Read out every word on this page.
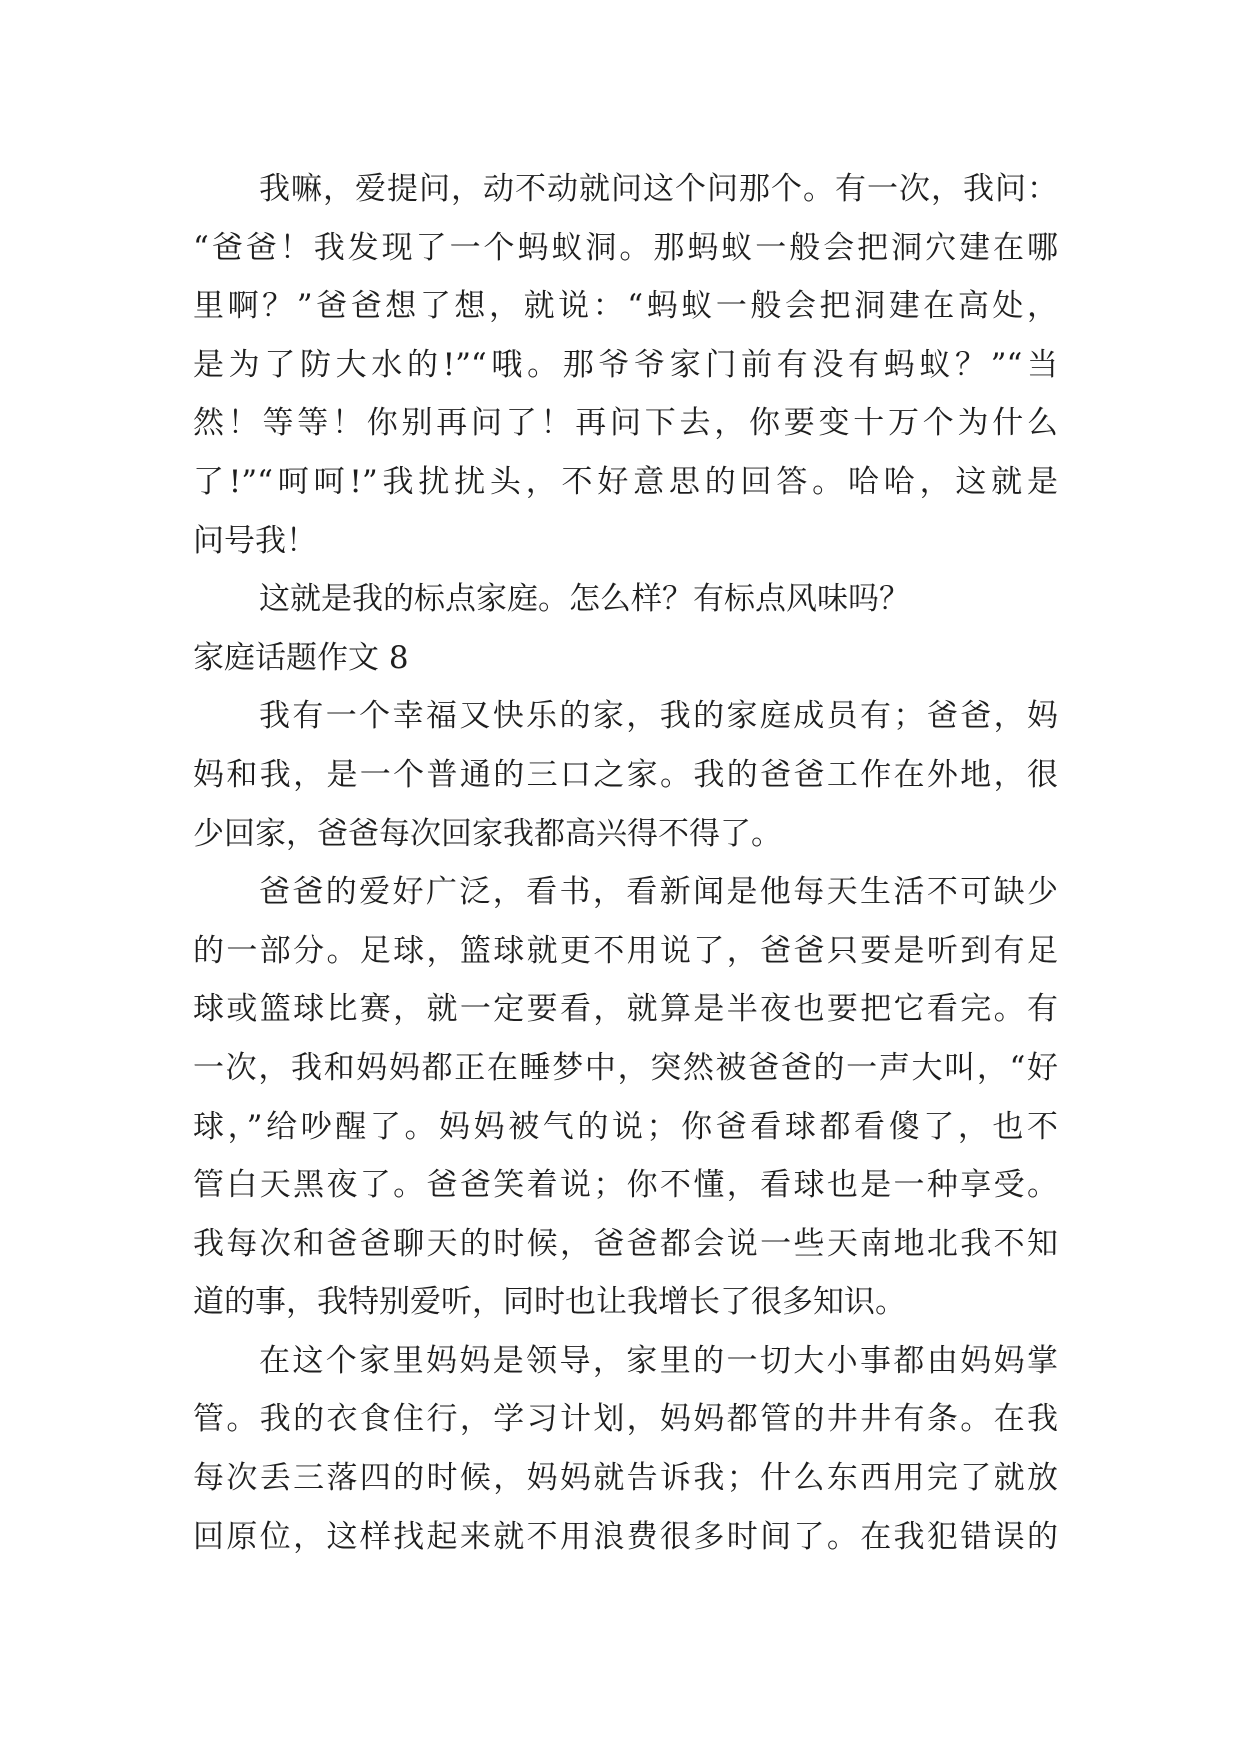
我嘛，爱提问，动不动就问这个问那个。有一次，我问：
“爸爸！我发现了一个蚂蚁洞。那蚂蚁一般会把洞穴建在哪
里啊？”爸爸想了想，就说：“蚂蚁一般会把洞建在高处，
是为了防大水的!”“哦。那爷爷家门前有没有蚂蚁？”“当
然！等等！你别再问了！再问下去，你要变十万个为什么
了!”“呵呵!”我扰扰头，不好意思的回答。哈哈，这就是
问号我！
这就是我的标点家庭。怎么样？有标点风味吗？
家庭话题作文 8
我有一个幸福又快乐的家，我的家庭成员有；爸爸，妈
妈和我，是一个普通的三口之家。我的爸爸工作在外地，很
少回家，爸爸每次回家我都高兴得不得了。
爸爸的爱好广泛，看书，看新闻是他每天生活不可缺少
的一部分。足球，篮球就更不用说了，爸爸只要是听到有足
球或篮球比赛，就一定要看，就算是半夜也要把它看完。有
一次，我和妈妈都正在睡梦中，突然被爸爸的一声大叫，“好
球，”给吵醒了。妈妈被气的说；你爸看球都看傻了，也不
管白天黑夜了。爸爸笑着说；你不懂，看球也是一种享受。
我每次和爸爸聊天的时候，爸爸都会说一些天南地北我不知
道的事，我特别爱听，同时也让我增长了很多知识。
在这个家里妈妈是领导，家里的一切大小事都由妈妈掌
管。我的衣食住行，学习计划，妈妈都管的井井有条。在我
每次丢三落四的时候，妈妈就告诉我；什么东西用完了就放
回原位，这样找起来就不用浪费很多时间了。在我犯错误的
